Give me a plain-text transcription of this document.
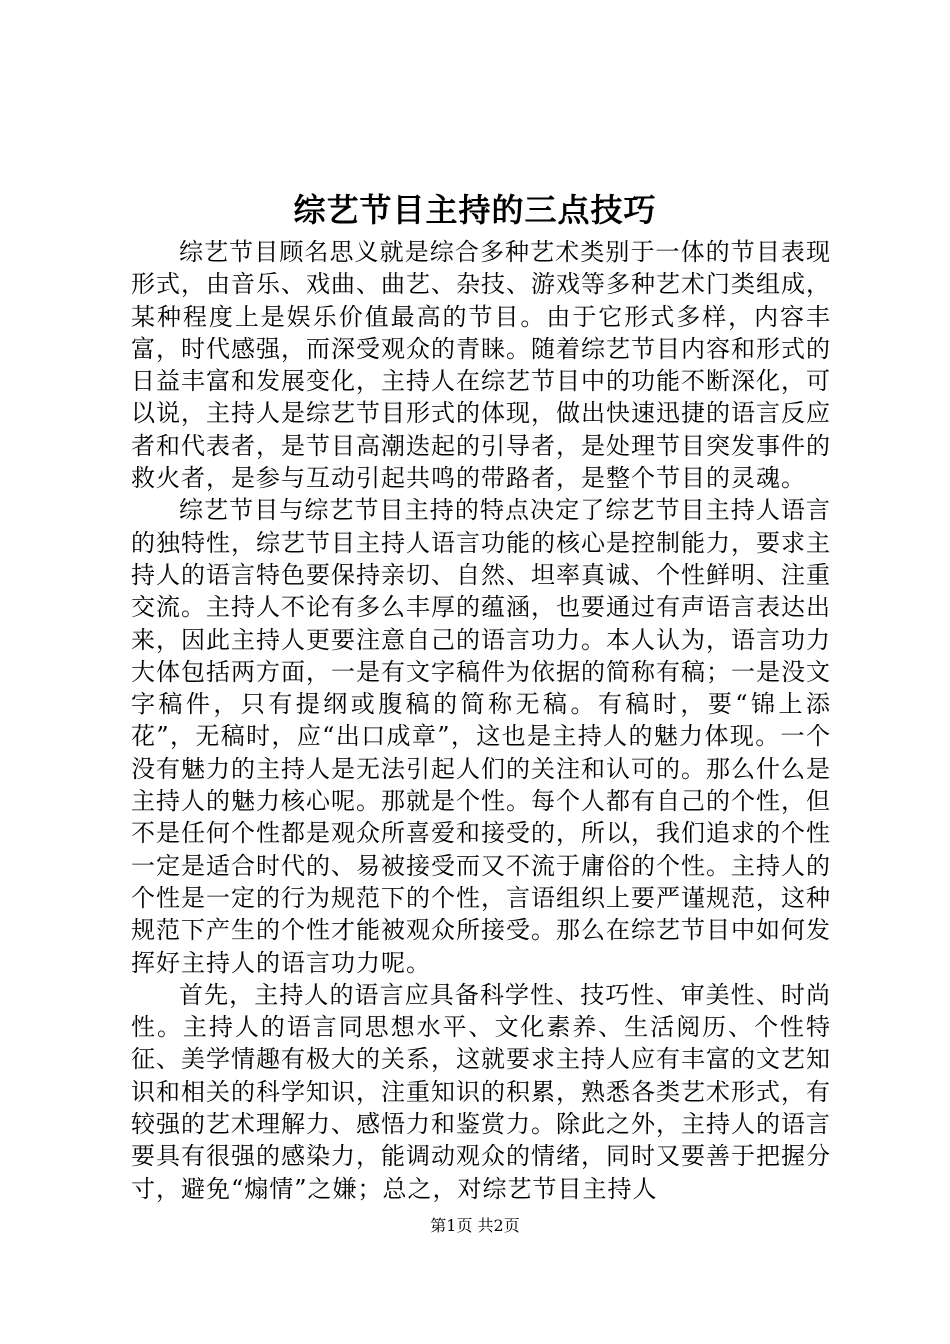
综艺节目主持的三点技巧

综艺节目顾名思义就是综合多种艺术类别于一体的节目表现形式，由音乐、戏曲、曲艺、杂技、游戏等多种艺术门类组成，某种程度上是娱乐价值最高的节目。由于它形式多样，内容丰富，时代感强，而深受观众的青睐。随着综艺节目内容和形式的日益丰富和发展变化，主持人在综艺节目中的功能不断深化，可以说，主持人是综艺节目形式的体现，做出快速迅捷的语言反应者和代表者，是节目高潮迭起的引导者，是处理节目突发事件的救火者，是参与互动引起共鸣的带路者，是整个节目的灵魂。

综艺节目与综艺节目主持的特点决定了综艺节目主持人语言的独特性，综艺节目主持人语言功能的核心是控制能力，要求主持人的语言特色要保持亲切、自然、坦率真诚、个性鲜明、注重交流。主持人不论有多么丰厚的蕴涵，也要通过有声语言表达出来，因此主持人更要注意自己的语言功力。本人认为，语言功力大体包括两方面，一是有文字稿件为依据的简称有稿；一是没文字稿件，只有提纲或腹稿的简称无稿。有稿时，要“锦上添花”，无稿时，应“出口成章”，这也是主持人的魅力体现。一个没有魅力的主持人是无法引起人们的关注和认可的。那么什么是主持人的魅力核心呢。那就是个性。每个人都有自己的个性，但不是任何个性都是观众所喜爱和接受的，所以，我们追求的个性一定是适合时代的、易被接受而又不流于庸俗的个性。主持人的个性是一定的行为规范下的个性，言语组织上要严谨规范，这种规范下产生的个性才能被观众所接受。那么在综艺节目中如何发挥好主持人的语言功力呢。

首先，主持人的语言应具备科学性、技巧性、审美性、时尚性。主持人的语言同思想水平、文化素养、生活阅历、个性特征、美学情趣有极大的关系，这就要求主持人应有丰富的文艺知识和相关的科学知识，注重知识的积累，熟悉各类艺术形式，有较强的艺术理解力、感悟力和鉴赏力。除此之外，主持人的语言要具有很强的感染力，能调动观众的情绪，同时又要善于把握分寸，避免“煽情”之嫌；总之，对综艺节目主持人

第1页 共2页
